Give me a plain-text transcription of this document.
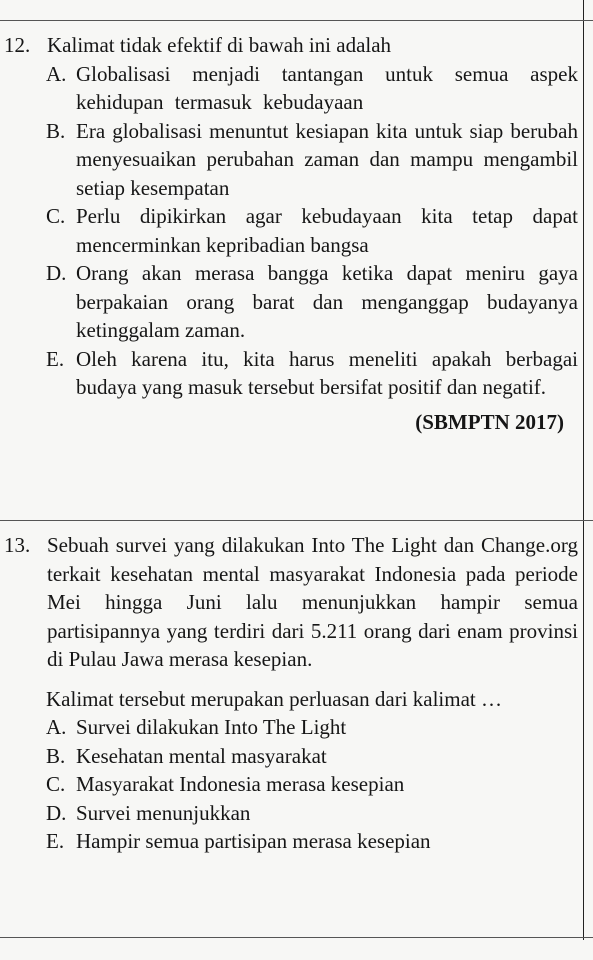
12. Kalimat tidak efektif di bawah ini adalah
A. Globalisasi menjadi tantangan untuk semua aspek kehidupan termasuk kebudayaan
B. Era globalisasi menuntut kesiapan kita untuk siap berubah menyesuaikan perubahan zaman dan mampu mengambil setiap kesempatan
C. Perlu dipikirkan agar kebudayaan kita tetap dapat mencerminkan kepribadian bangsa
D. Orang akan merasa bangga ketika dapat meniru gaya berpakaian orang barat dan menganggap budayanya ketinggalam zaman.
E. Oleh karena itu, kita harus meneliti apakah berbagai budaya yang masuk tersebut bersifat positif dan negatif.
(SBMPTN 2017)
13. Sebuah survei yang dilakukan Into The Light dan Change.org terkait kesehatan mental masyarakat Indonesia pada periode Mei hingga Juni lalu menunjukkan hampir semua partisipannya yang terdiri dari 5.211 orang dari enam provinsi di Pulau Jawa merasa kesepian.
Kalimat tersebut merupakan perluasan dari kalimat …
A. Survei dilakukan Into The Light
B. Kesehatan mental masyarakat
C. Masyarakat Indonesia merasa kesepian
D. Survei menunjukkan
E. Hampir semua partisipan merasa kesepian
